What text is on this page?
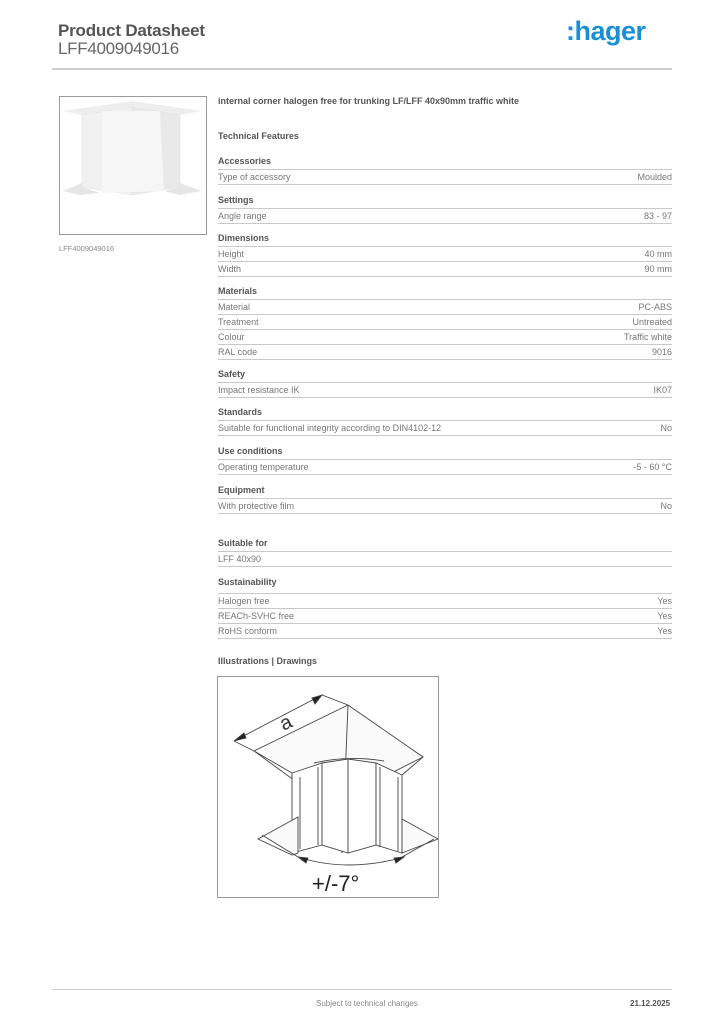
Product Datasheet
LFF4009049016
:hager
LFF4009049016
internal corner halogen free for trunking LF/LFF 40x90mm traffic white
Technical Features
Accessories
Type of accessory	Moulded
Settings
Angle range	83 - 97
Dimensions
Height	40 mm
Width	90 mm
Materials
Material	PC-ABS
Treatment	Untreated
Colour	Traffic white
RAL code	9016
Safety
Impact resistance IK	IK07
Standards
Suitable for functional integrity according to DIN4102-12	No
Use conditions
Operating temperature	-5 - 60 °C
Equipment
With protective film	No
Suitable for
LFF 40x90
Sustainability
Halogen free	Yes
REACh-SVHC free	Yes
RoHS conform	Yes
Illustrations | Drawings
a
+/-7°
Subject to technical changes	21.12.2025
